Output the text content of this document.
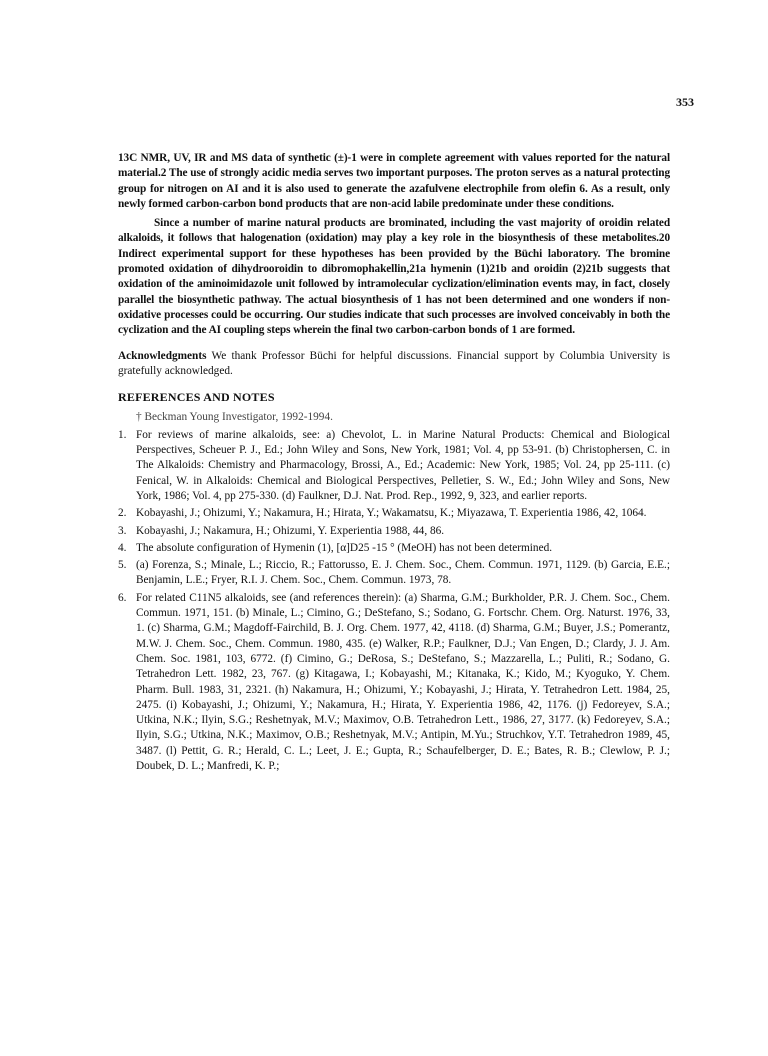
353

13C NMR, UV, IR and MS data of synthetic (±)-1 were in complete agreement with values reported for the natural material.2 The use of strongly acidic media serves two important purposes. The proton serves as a natural protecting group for nitrogen on AI and it is also used to generate the azafulvene electrophile from olefin 6. As a result, only newly formed carbon-carbon bond products that are non-acid labile predominate under these conditions.

Since a number of marine natural products are brominated, including the vast majority of oroidin related alkaloids, it follows that halogenation (oxidation) may play a key role in the biosynthesis of these metabolites.20 Indirect experimental support for these hypotheses has been provided by the Büchi laboratory. The bromine promoted oxidation of dihydrooroidin to dibromophakellin,21a hymenin (1)21b and oroidin (2)21b suggests that oxidation of the aminoimidazole unit followed by intramolecular cyclization/elimination events may, in fact, closely parallel the biosynthetic pathway. The actual biosynthesis of 1 has not been determined and one wonders if non-oxidative processes could be occurring. Our studies indicate that such processes are involved conceivably in both the cyclization and the AI coupling steps wherein the final two carbon-carbon bonds of 1 are formed.

Acknowledgments We thank Professor Büchi for helpful discussions. Financial support by Columbia University is gratefully acknowledged.

REFERENCES AND NOTES
† Beckman Young Investigator, 1992-1994.
1. For reviews of marine alkaloids, see: a) Chevolot, L. in Marine Natural Products: Chemical and Biological Perspectives, Scheuer P. J., Ed.; John Wiley and Sons, New York, 1981; Vol. 4, pp 53-91. (b) Christophersen, C. in The Alkaloids: Chemistry and Pharmacology, Brossi, A., Ed.; Academic: New York, 1985; Vol. 24, pp 25-111. (c) Fenical, W. in Alkaloids: Chemical and Biological Perspectives, Pelletier, S. W., Ed.; John Wiley and Sons, New York, 1986; Vol. 4, pp 275-330. (d) Faulkner, D.J. Nat. Prod. Rep., 1992, 9, 323, and earlier reports.
2. Kobayashi, J.; Ohizumi, Y.; Nakamura, H.; Hirata, Y.; Wakamatsu, K.; Miyazawa, T. Experientia 1986, 42, 1064.
3. Kobayashi, J.; Nakamura, H.; Ohizumi, Y. Experientia 1988, 44, 86.
4. The absolute configuration of Hymenin (1), [α]D25 -15 ° (MeOH) has not been determined.
5. (a) Forenza, S.; Minale, L.; Riccio, R.; Fattorusso, E. J. Chem. Soc., Chem. Commun. 1971, 1129. (b) Garcia, E.E.; Benjamin, L.E.; Fryer, R.I. J. Chem. Soc., Chem. Commun. 1973, 78.
6. For related C11N5 alkaloids, see (and references therein): (a) Sharma, G.M.; Burkholder, P.R. J. Chem. Soc., Chem. Commun. 1971, 151. (b) Minale, L.; Cimino, G.; DeStefano, S.; Sodano, G. Fortschr. Chem. Org. Naturst. 1976, 33, 1. (c) Sharma, G.M.; Magdoff-Fairchild, B. J. Org. Chem. 1977, 42, 4118. (d) Sharma, G.M.; Buyer, J.S.; Pomerantz, M.W. J. Chem. Soc., Chem. Commun. 1980, 435. (e) Walker, R.P.; Faulkner, D.J.; Van Engen, D.; Clardy, J. J. Am. Chem. Soc. 1981, 103, 6772. (f) Cimino, G.; DeRosa, S.; DeStefano, S.; Mazzarella, L.; Puliti, R.; Sodano, G. Tetrahedron Lett. 1982, 23, 767. (g) Kitagawa, I.; Kobayashi, M.; Kitanaka, K.; Kido, M.; Kyoguko, Y. Chem. Pharm. Bull. 1983, 31, 2321. (h) Nakamura, H.; Ohizumi, Y.; Kobayashi, J.; Hirata, Y. Tetrahedron Lett. 1984, 25, 2475. (i) Kobayashi, J.; Ohizumi, Y.; Nakamura, H.; Hirata, Y. Experientia 1986, 42, 1176. (j) Fedoreyev, S.A.; Utkina, N.K.; Ilyin, S.G.; Reshetnyak, M.V.; Maximov, O.B. Tetrahedron Lett., 1986, 27, 3177. (k) Fedoreyev, S.A.; Ilyin, S.G.; Utkina, N.K.; Maximov, O.B.; Reshetnyak, M.V.; Antipin, M.Yu.; Struchkov, Y.T. Tetrahedron 1989, 45, 3487. (l) Pettit, G. R.; Herald, C. L.; Leet, J. E.; Gupta, R.; Schaufelberger, D. E.; Bates, R. B.; Clewlow, P. J.; Doubek, D. L.; Manfredi, K. P.;
